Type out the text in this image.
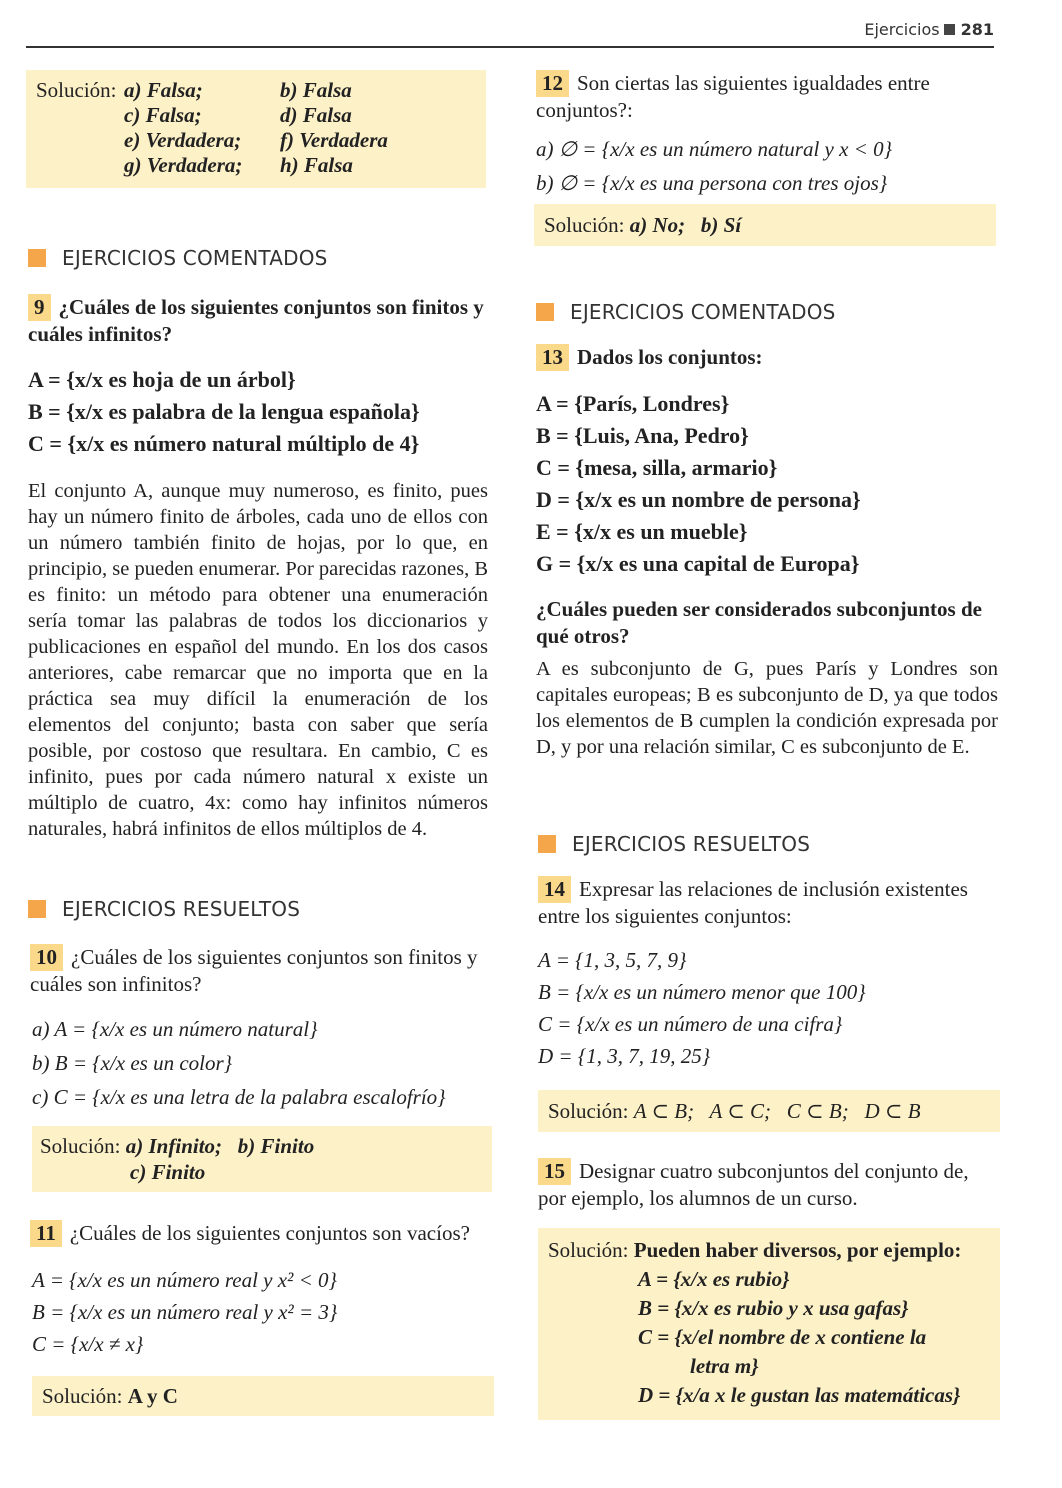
Ejercicios 281
Solución:	a) Falsa;	b) Falsa
	c) Falsa;	d) Falsa
	e) Verdadera;	f) Verdadera
	g) Verdadera;	h) Falsa
EJERCICIOS COMENTADOS
9 ¿Cuáles de los siguientes conjuntos son finitos y cuáles infinitos?
A = {x/x es hoja de un árbol}
B = {x/x es palabra de la lengua española}
C = {x/x es número natural múltiplo de 4}
El conjunto A, aunque muy numeroso, es finito, pues hay un número finito de árboles, cada uno de ellos con un número también finito de hojas, por lo que, en principio, se pueden enumerar. Por parecidas razones, B es finito: un método para obtener una enumeración sería tomar las palabras de todos los diccionarios y publicaciones en español del mundo. En los dos casos anteriores, cabe remarcar que no importa que en la práctica sea muy difícil la enumeración de los elementos del conjunto; basta con saber que sería posible, por costoso que resultara. En cambio, C es infinito, pues por cada número natural x existe un múltiplo de cuatro, 4x: como hay infinitos números naturales, habrá infinitos de ellos múltiplos de 4.
EJERCICIOS RESUELTOS
10 ¿Cuáles de los siguientes conjuntos son finitos y cuáles son infinitos?
a) A = {x/x es un número natural}
b) B = {x/x es un color}
c) C = {x/x es una letra de la palabra escalofrío}
Solución: a) Infinito;   b) Finito
c) Finito
11 ¿Cuáles de los siguientes conjuntos son vacíos?
A = {x/x es un número real y x² < 0}
B = {x/x es un número real y x² = 3}
C = {x/x ≠ x}
Solución: A y C
12 Son ciertas las siguientes igualdades entre conjuntos?:
a) ∅ = {x/x es un número natural y x < 0}
b) ∅ = {x/x es una persona con tres ojos}
Solución: a) No;   b) Sí
EJERCICIOS COMENTADOS
13 Dados los conjuntos:
A = {París, Londres}
B = {Luis, Ana, Pedro}
C = {mesa, silla, armario}
D = {x/x es un nombre de persona}
E = {x/x es un mueble}
G = {x/x es una capital de Europa}
¿Cuáles pueden ser considerados subconjuntos de qué otros?
A es subconjunto de G, pues París y Londres son capitales europeas; B es subconjunto de D, ya que todos los elementos de B cumplen la condición expresada por D, y por una relación similar, C es subconjunto de E.
EJERCICIOS RESUELTOS
14 Expresar las relaciones de inclusión existentes entre los siguientes conjuntos:
A = {1, 3, 5, 7, 9}
B = {x/x es un número menor que 100}
C = {x/x es un número de una cifra}
D = {1, 3, 7, 19, 25}
Solución: A ⊂ B;   A ⊂ C;   C ⊂ B;   D ⊂ B
15 Designar cuatro subconjuntos del conjunto de, por ejemplo, los alumnos de un curso.
Solución: Pueden haber diversos, por ejemplo:
A = {x/x es rubio}
B = {x/x es rubio y x usa gafas}
C = {x/el nombre de x contiene la
letra m}
D = {x/a x le gustan las matemáticas}
